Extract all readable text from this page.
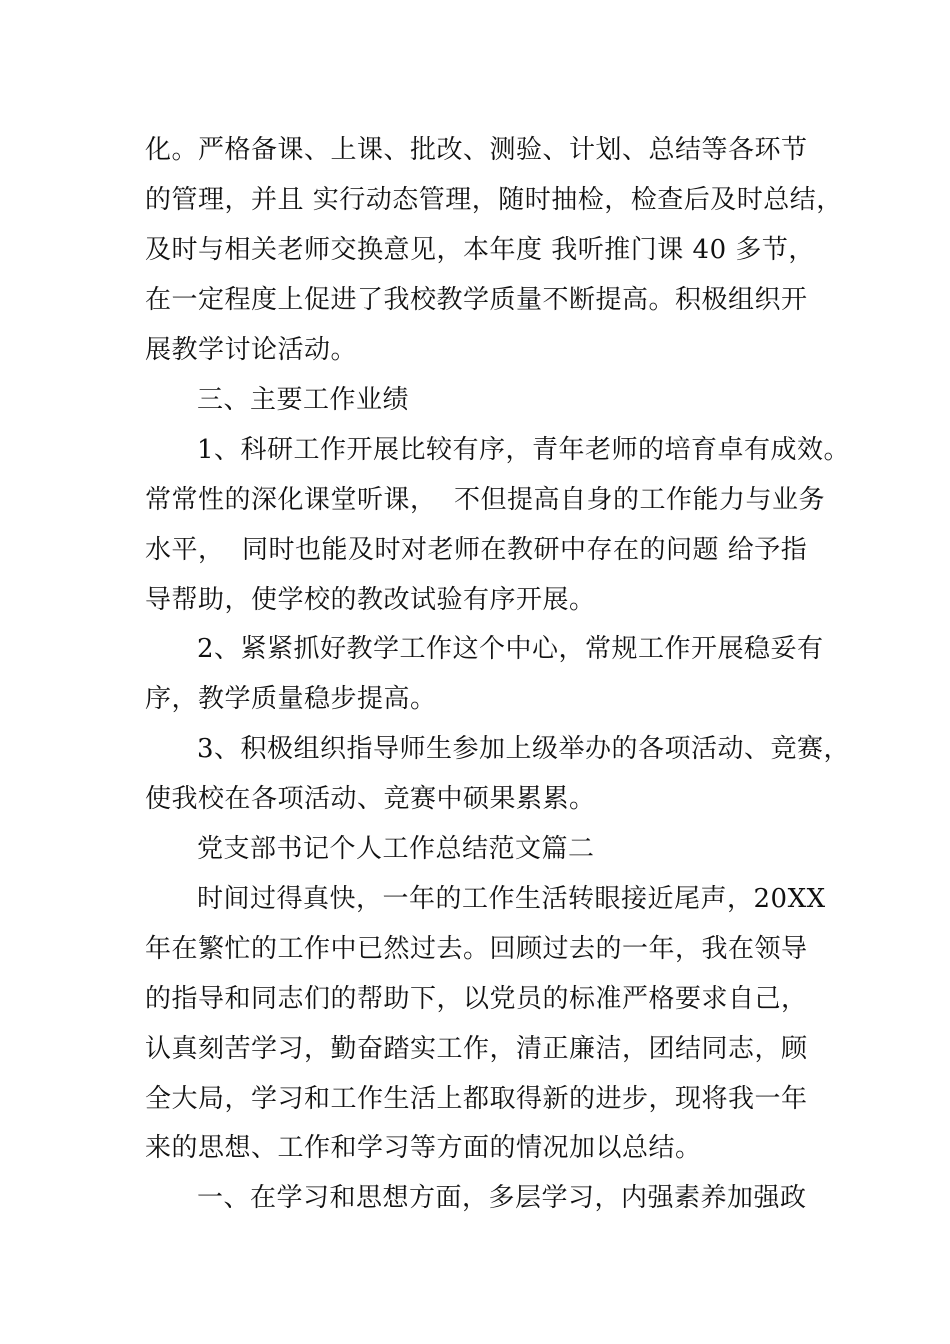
化。严格备课、上课、批改、测验、计划、总结等各环节
的管理，并且 实行动态管理，随时抽检，检查后及时总结，
及时与相关老师交换意见，本年度 我听推门课 40 多节，
在一定程度上促进了我校教学质量不断提高。积极组织开
展教学讨论活动。
三、主要工作业绩
1、科研工作开展比较有序，青年老师的培育卓有成效。
常常性的深化课堂听课，  不但提高自身的工作能力与业务
水平，  同时也能及时对老师在教研中存在的问题 给予指
导帮助，使学校的教改试验有序开展。
2、紧紧抓好教学工作这个中心，常规工作开展稳妥有
序，教学质量稳步提高。
3、积极组织指导师生参加上级举办的各项活动、竞赛，
使我校在各项活动、竞赛中硕果累累。
党支部书记个人工作总结范文篇二
时间过得真快，一年的工作生活转眼接近尾声，20XX
年在繁忙的工作中已然过去。回顾过去的一年，我在领导
的指导和同志们的帮助下，以党员的标准严格要求自己，
认真刻苦学习，勤奋踏实工作，清正廉洁，团结同志，顾
全大局，学习和工作生活上都取得新的进步，现将我一年
来的思想、工作和学习等方面的情况加以总结。
一、在学习和思想方面，多层学习，内强素养加强政
